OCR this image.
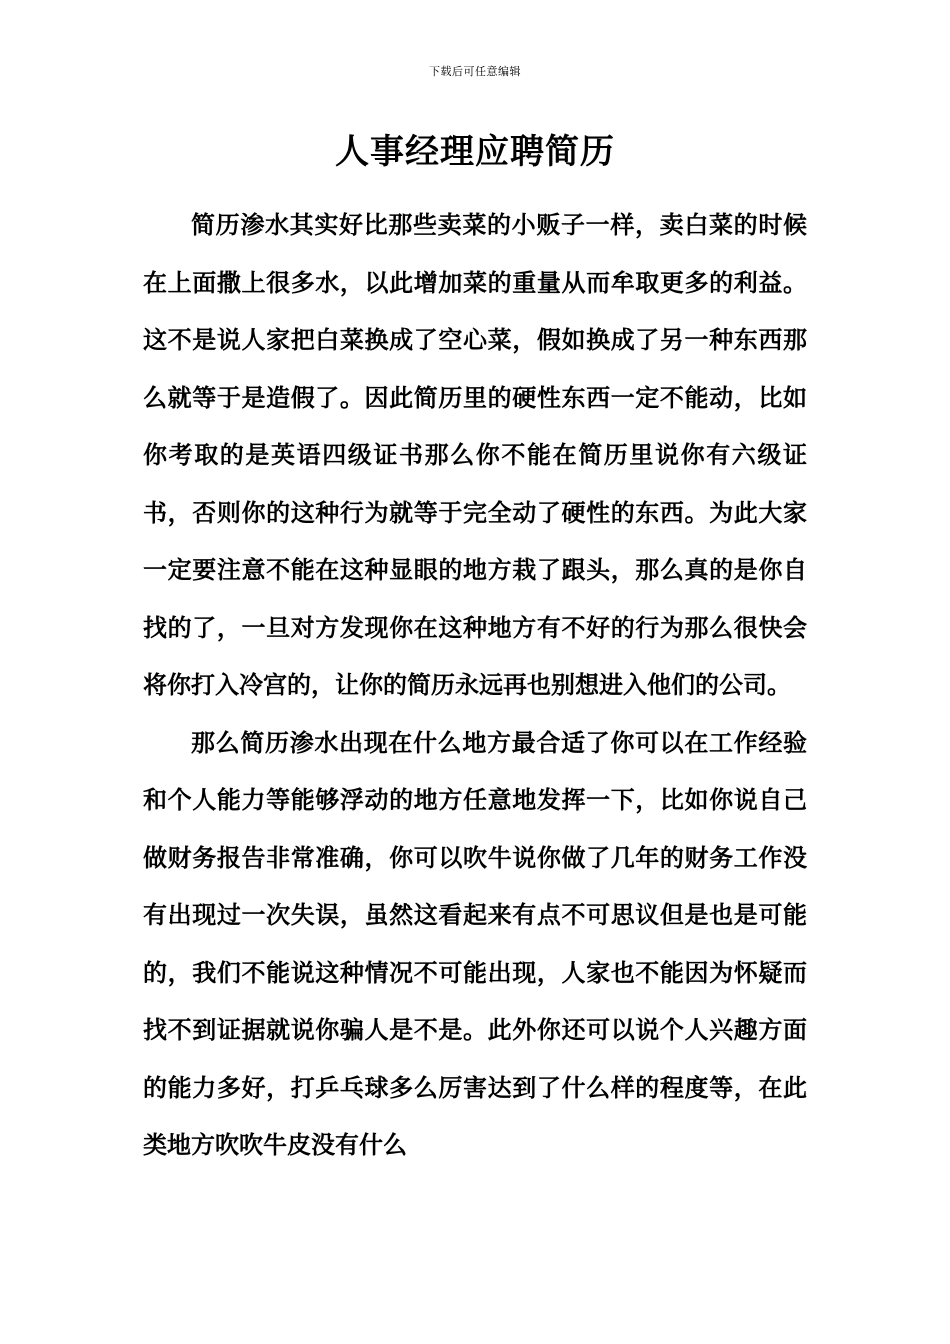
下载后可任意编辑
人事经理应聘简历

简历渗水其实好比那些卖菜的小贩子一样，卖白菜的时候在上面撒上很多水，以此增加菜的重量从而牟取更多的利益。这不是说人家把白菜换成了空心菜，假如换成了另一种东西那么就等于是造假了。因此简历里的硬性东西一定不能动，比如你考取的是英语四级证书那么你不能在简历里说你有六级证书，否则你的这种行为就等于完全动了硬性的东西。为此大家一定要注意不能在这种显眼的地方栽了跟头，那么真的是你自找的了，一旦对方发现你在这种地方有不好的行为那么很快会将你打入冷宫的，让你的简历永远再也别想进入他们的公司。

那么简历渗水出现在什么地方最合适了你可以在工作经验和个人能力等能够浮动的地方任意地发挥一下，比如你说自己做财务报告非常准确，你可以吹牛说你做了几年的财务工作没有出现过一次失误，虽然这看起来有点不可思议但是也是可能的，我们不能说这种情况不可能出现，人家也不能因为怀疑而找不到证据就说你骗人是不是。此外你还可以说个人兴趣方面的能力多好，打乒乓球多么厉害达到了什么样的程度等，在此类地方吹吹牛皮没有什么
